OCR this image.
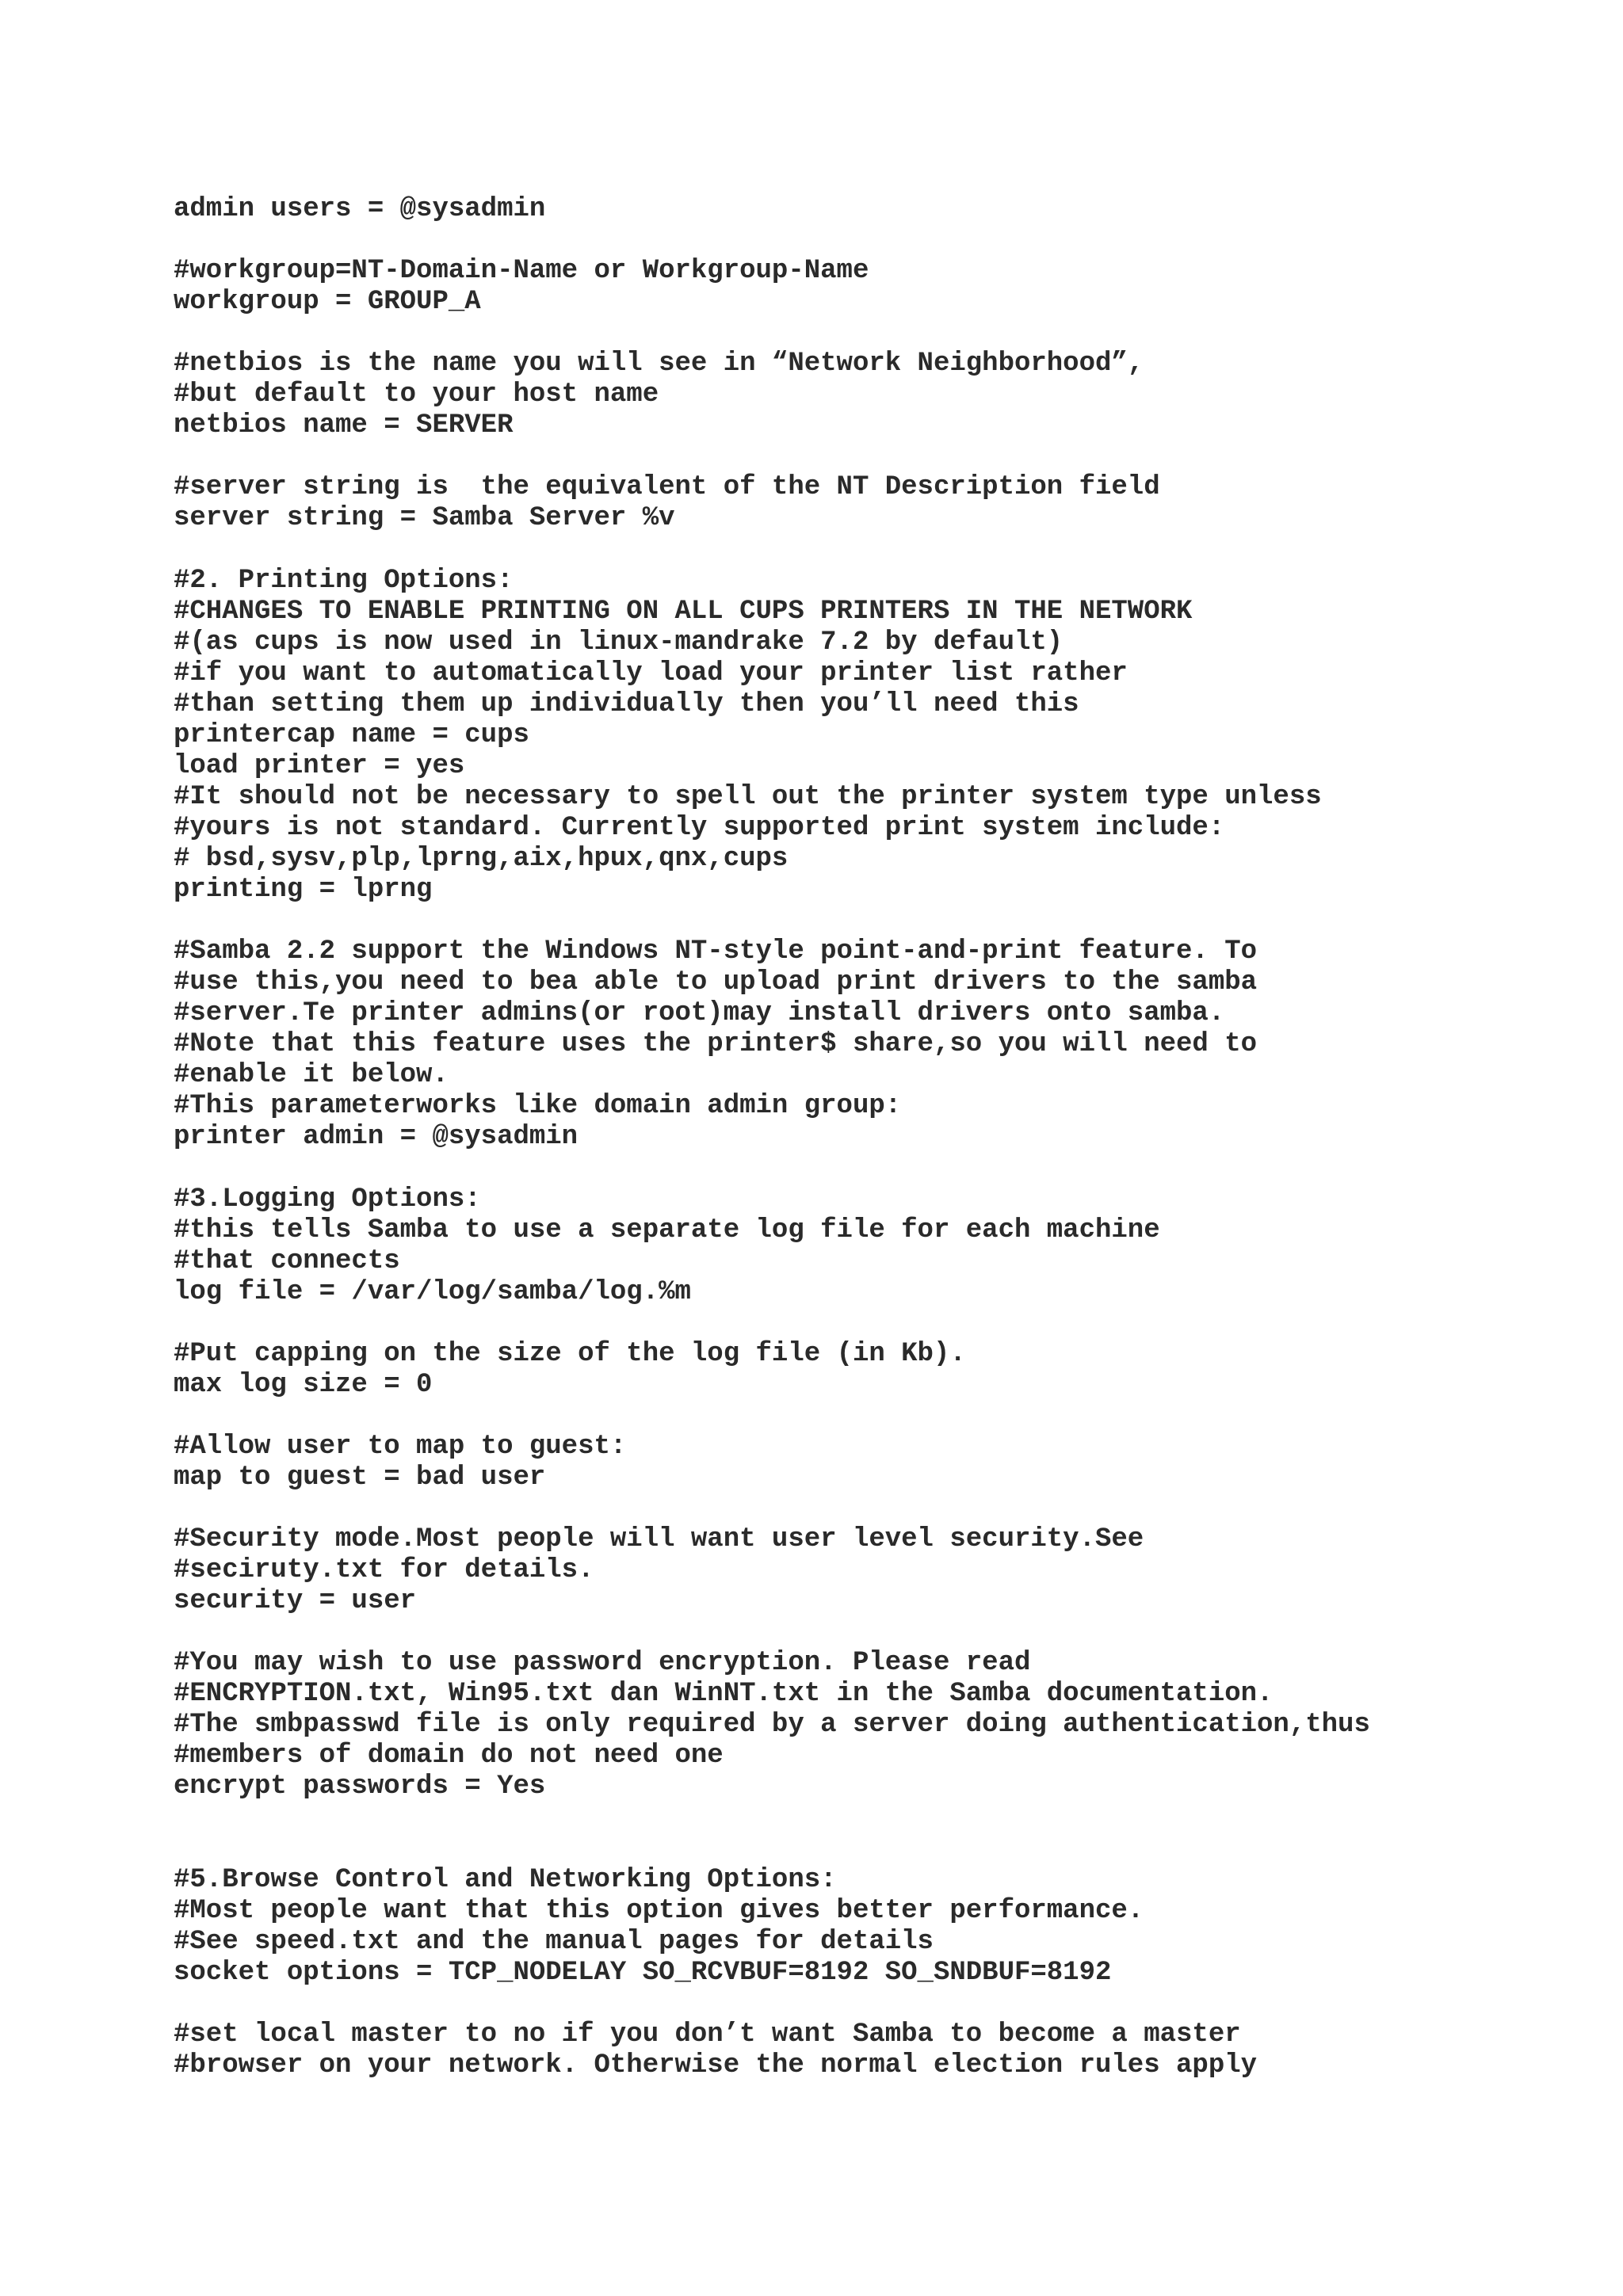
admin users = @sysadmin
#workgroup=NT-Domain-Name or Workgroup-Name
workgroup = GROUP_A
#netbios is the name you will see in “Network Neighborhood”,
#but default to your host name
netbios name = SERVER
#server string is  the equivalent of the NT Description field
server string = Samba Server %v
#2. Printing Options:
#CHANGES TO ENABLE PRINTING ON ALL CUPS PRINTERS IN THE NETWORK
#(as cups is now used in linux-mandrake 7.2 by default)
#if you want to automatically load your printer list rather
#than setting them up individually then you’ll need this
printercap name = cups
load printer = yes
#It should not be necessary to spell out the printer system type unless
#yours is not standard. Currently supported print system include:
# bsd,sysv,plp,lprng,aix,hpux,qnx,cups
printing = lprng
#Samba 2.2 support the Windows NT-style point-and-print feature. To
#use this,you need to bea able to upload print drivers to the samba
#server.Te printer admins(or root)may install drivers onto samba.
#Note that this feature uses the printer$ share,so you will need to
#enable it below.
#This parameterworks like domain admin group:
printer admin = @sysadmin
#3.Logging Options:
#this tells Samba to use a separate log file for each machine
#that connects
log file = /var/log/samba/log.%m
#Put capping on the size of the log file (in Kb).
max log size = 0
#Allow user to map to guest:
map to guest = bad user
#Security mode.Most people will want user level security.See
#seciruty.txt for details.
security = user
#You may wish to use password encryption. Please read
#ENCRYPTION.txt, Win95.txt dan WinNT.txt in the Samba documentation.
#The smbpasswd file is only required by a server doing authentication,thus
#members of domain do not need one
encrypt passwords = Yes
#5.Browse Control and Networking Options:
#Most people want that this option gives better performance.
#See speed.txt and the manual pages for details
socket options = TCP_NODELAY SO_RCVBUF=8192 SO_SNDBUF=8192
#set local master to no if you don’t want Samba to become a master
#browser on your network. Otherwise the normal election rules apply
